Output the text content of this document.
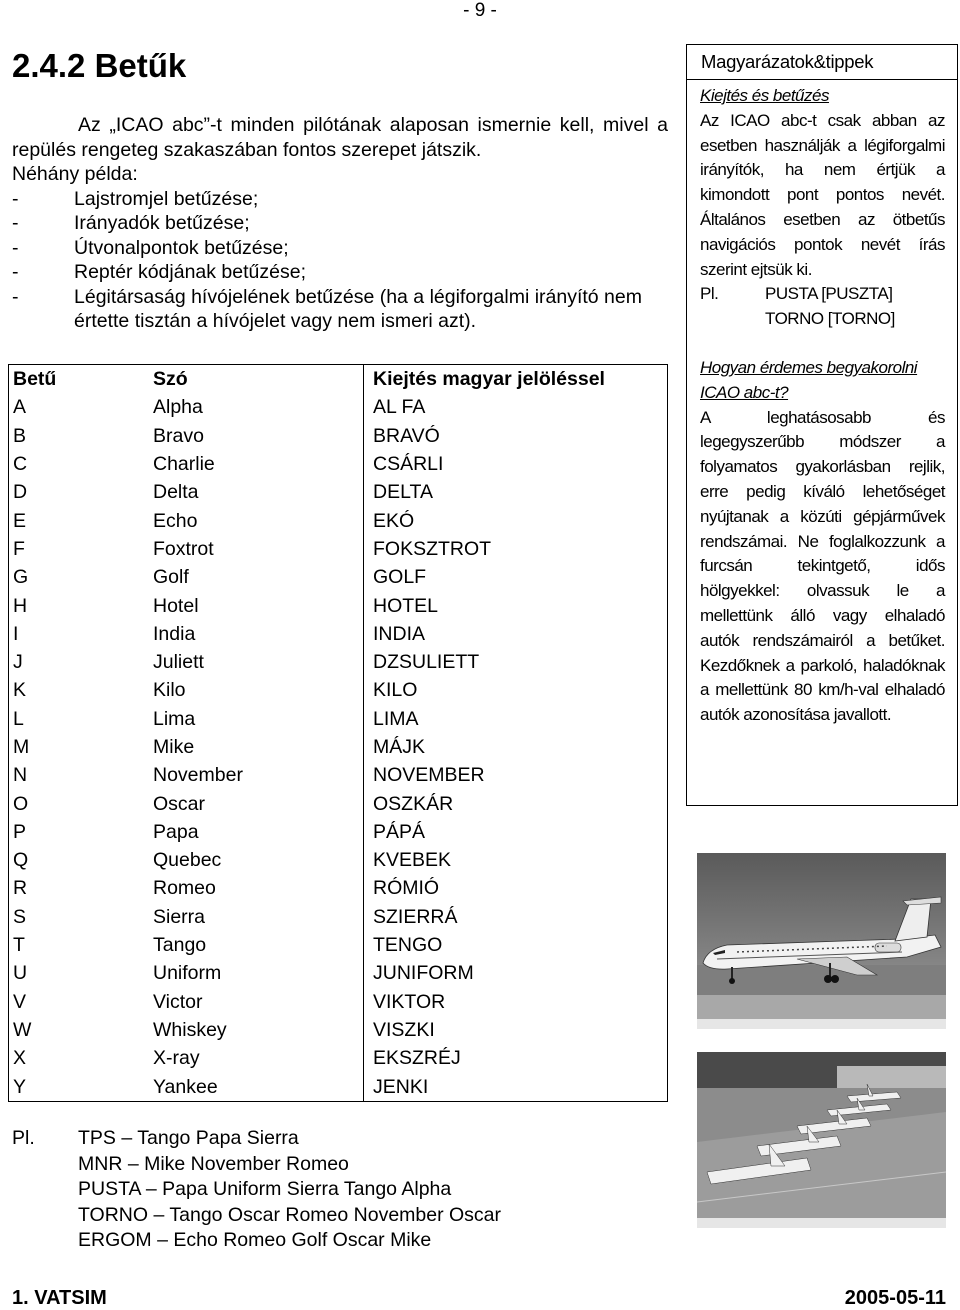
- 9 -
2.4.2 Betűk
Az „ICAO abc”-t minden pilótának alaposan ismernie kell, mivel a repülés rengeteg szakaszában fontos szerepet játszik.
Néhány példa:
-	Lajstromjel betűzése;
-	Irányadók betűzése;
-	Útvonalpontok betűzése;
-	Reptér kódjának betűzése;
-	Légitársaság hívójelének betűzése (ha a légiforgalmi irányító nem értette tisztán a hívójelet vagy nem ismeri azt).
Betű	Szó	Kiejtés magyar jelöléssel
A	Alpha	AL FA
B	Bravo	BRAVÓ
C	Charlie	CSÁRLI
D	Delta	DELTA
E	Echo	EKÓ
F	Foxtrot	FOKSZTROT
G	Golf	GOLF
H	Hotel	HOTEL
I	India	INDIA
J	Juliett	DZSULIETT
K	Kilo	KILO
L	Lima	LIMA
M	Mike	MÁJK
N	November	NOVEMBER
O	Oscar	OSZKÁR
P	Papa	PÁPÁ
Q	Quebec	KVEBEK
R	Romeo	RÓMIÓ
S	Sierra	SZIERRÁ
T	Tango	TENGO
U	Uniform	JUNIFORM
V	Victor	VIKTOR
W	Whiskey	VISZKI
X	X-ray	EKSZRÉJ
Y	Yankee	JENKI
Magyarázatok&tippek
Kiejtés és betűzés
Az ICAO abc-t csak abban az esetben használják a légiforgalmi irányítók, ha nem értjük a kimondott pont pontos nevét. Általános esetben az ötbetűs navigációs pontok nevét írás szerint ejtsük ki.
Pl.	PUSTA [PUSZTA]
TORNO [TORNO]
Hogyan érdemes begyakorolni ICAO abc-t?
A leghatásosabb és legegyszerűbb módszer a folyamatos gyakorlásban rejlik, erre pedig kíváló lehetőséget nyújtanak a közúti gépjárművek rendszámai. Ne foglalkozzunk a furcsán tekintgető, idős hölgyekkel: olvassuk le a mellettünk álló vagy elhaladó autók rendszámairól a betűket. Kezdőknek a parkoló, haladóknak a mellettünk 80 km/h-val elhaladó autók azonosítása javallott.
Pl. TPS – Tango Papa Sierra
MNR – Mike November Romeo
PUSTA – Papa Uniform Sierra Tango Alpha
TORNO – Tango Oscar Romeo November Oscar
ERGOM – Echo Romeo Golf Oscar Mike
1. VATSIM	2005-05-11
